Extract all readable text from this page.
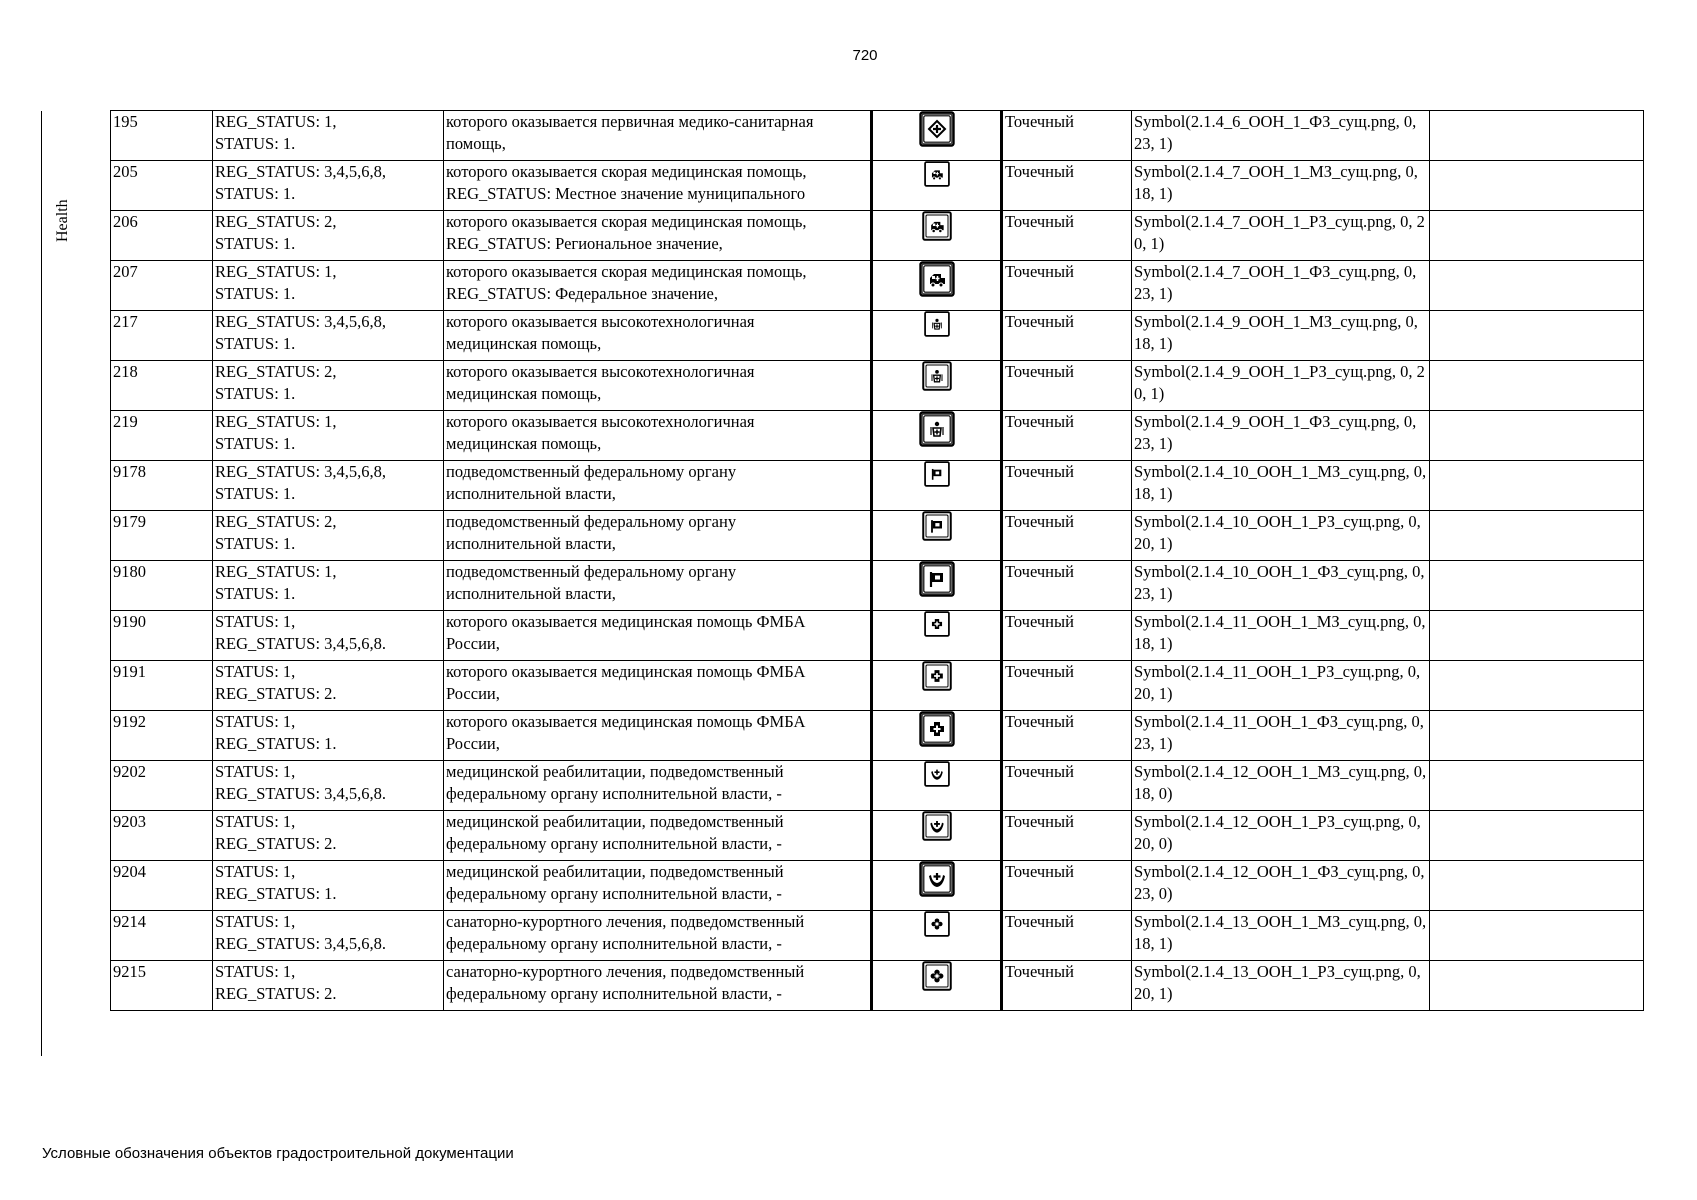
720
Health
195	REG_STATUS: 1,
STATUS: 1.	которого оказывается первичная медико-санитарная
помощь,		Точечный	Symbol(2.1.4_6_ООН_1_ФЗ_сущ.png, 0, 23, 1)	

205	REG_STATUS: 3,4,5,6,8,
STATUS: 1.	которого оказывается скорая медицинская помощь,
REG_STATUS: Местное значение муниципального		Точечный	Symbol(2.1.4_7_ООН_1_МЗ_сущ.png, 0, 18, 1)	

206	REG_STATUS: 2,
STATUS: 1.	которого оказывается скорая медицинская помощь,
REG_STATUS: Региональное значение,		Точечный	Symbol(2.1.4_7_ООН_1_РЗ_сущ.png, 0, 20, 1)	

207	REG_STATUS: 1,
STATUS: 1.	которого оказывается скорая медицинская помощь,
REG_STATUS: Федеральное значение,		Точечный	Symbol(2.1.4_7_ООН_1_ФЗ_сущ.png, 0, 23, 1)	

217	REG_STATUS: 3,4,5,6,8,
STATUS: 1.	которого оказывается высокотехнологичная
медицинская помощь,		Точечный	Symbol(2.1.4_9_ООН_1_МЗ_сущ.png, 0, 18, 1)	

218	REG_STATUS: 2,
STATUS: 1.	которого оказывается высокотехнологичная
медицинская помощь,		Точечный	Symbol(2.1.4_9_ООН_1_РЗ_сущ.png, 0, 20, 1)	

219	REG_STATUS: 1,
STATUS: 1.	которого оказывается высокотехнологичная
медицинская помощь,		Точечный	Symbol(2.1.4_9_ООН_1_ФЗ_сущ.png, 0, 23, 1)	

9178	REG_STATUS: 3,4,5,6,8,
STATUS: 1.	подведомственный федеральному органу
исполнительной власти,		Точечный	Symbol(2.1.4_10_ООН_1_МЗ_сущ.png, 0, 18, 1)	

9179	REG_STATUS: 2,
STATUS: 1.	подведомственный федеральному органу
исполнительной власти,		Точечный	Symbol(2.1.4_10_ООН_1_РЗ_сущ.png, 0, 20, 1)	

9180	REG_STATUS: 1,
STATUS: 1.	подведомственный федеральному органу
исполнительной власти,		Точечный	Symbol(2.1.4_10_ООН_1_ФЗ_сущ.png, 0, 23, 1)	

9190	STATUS: 1,
REG_STATUS: 3,4,5,6,8.	которого оказывается медицинская помощь ФМБА
России,		Точечный	Symbol(2.1.4_11_ООН_1_МЗ_сущ.png, 0, 18, 1)	

9191	STATUS: 1,
REG_STATUS: 2.	которого оказывается медицинская помощь ФМБА
России,		Точечный	Symbol(2.1.4_11_ООН_1_РЗ_сущ.png, 0, 20, 1)	

9192	STATUS: 1,
REG_STATUS: 1.	которого оказывается медицинская помощь ФМБА
России,		Точечный	Symbol(2.1.4_11_ООН_1_ФЗ_сущ.png, 0, 23, 1)	

9202	STATUS: 1,
REG_STATUS: 3,4,5,6,8.	медицинской реабилитации, подведомственный
федеральному органу исполнительной власти, -		Точечный	Symbol(2.1.4_12_ООН_1_МЗ_сущ.png, 0, 18, 0)	

9203	STATUS: 1,
REG_STATUS: 2.	медицинской реабилитации, подведомственный
федеральному органу исполнительной власти, -		Точечный	Symbol(2.1.4_12_ООН_1_РЗ_сущ.png, 0, 20, 0)	

9204	STATUS: 1,
REG_STATUS: 1.	медицинской реабилитации, подведомственный
федеральному органу исполнительной власти, -		Точечный	Symbol(2.1.4_12_ООН_1_ФЗ_сущ.png, 0, 23, 0)	

9214	STATUS: 1,
REG_STATUS: 3,4,5,6,8.	санаторно-курортного лечения, подведомственный
федеральному органу исполнительной власти, -		Точечный	Symbol(2.1.4_13_ООН_1_МЗ_сущ.png, 0, 18, 1)	

9215	STATUS: 1,
REG_STATUS: 2.	санаторно-курортного лечения, подведомственный
федеральному органу исполнительной власти, -		Точечный	Symbol(2.1.4_13_ООН_1_РЗ_сущ.png, 0, 20, 1)	

Условные обозначения объектов градостроительной документации
